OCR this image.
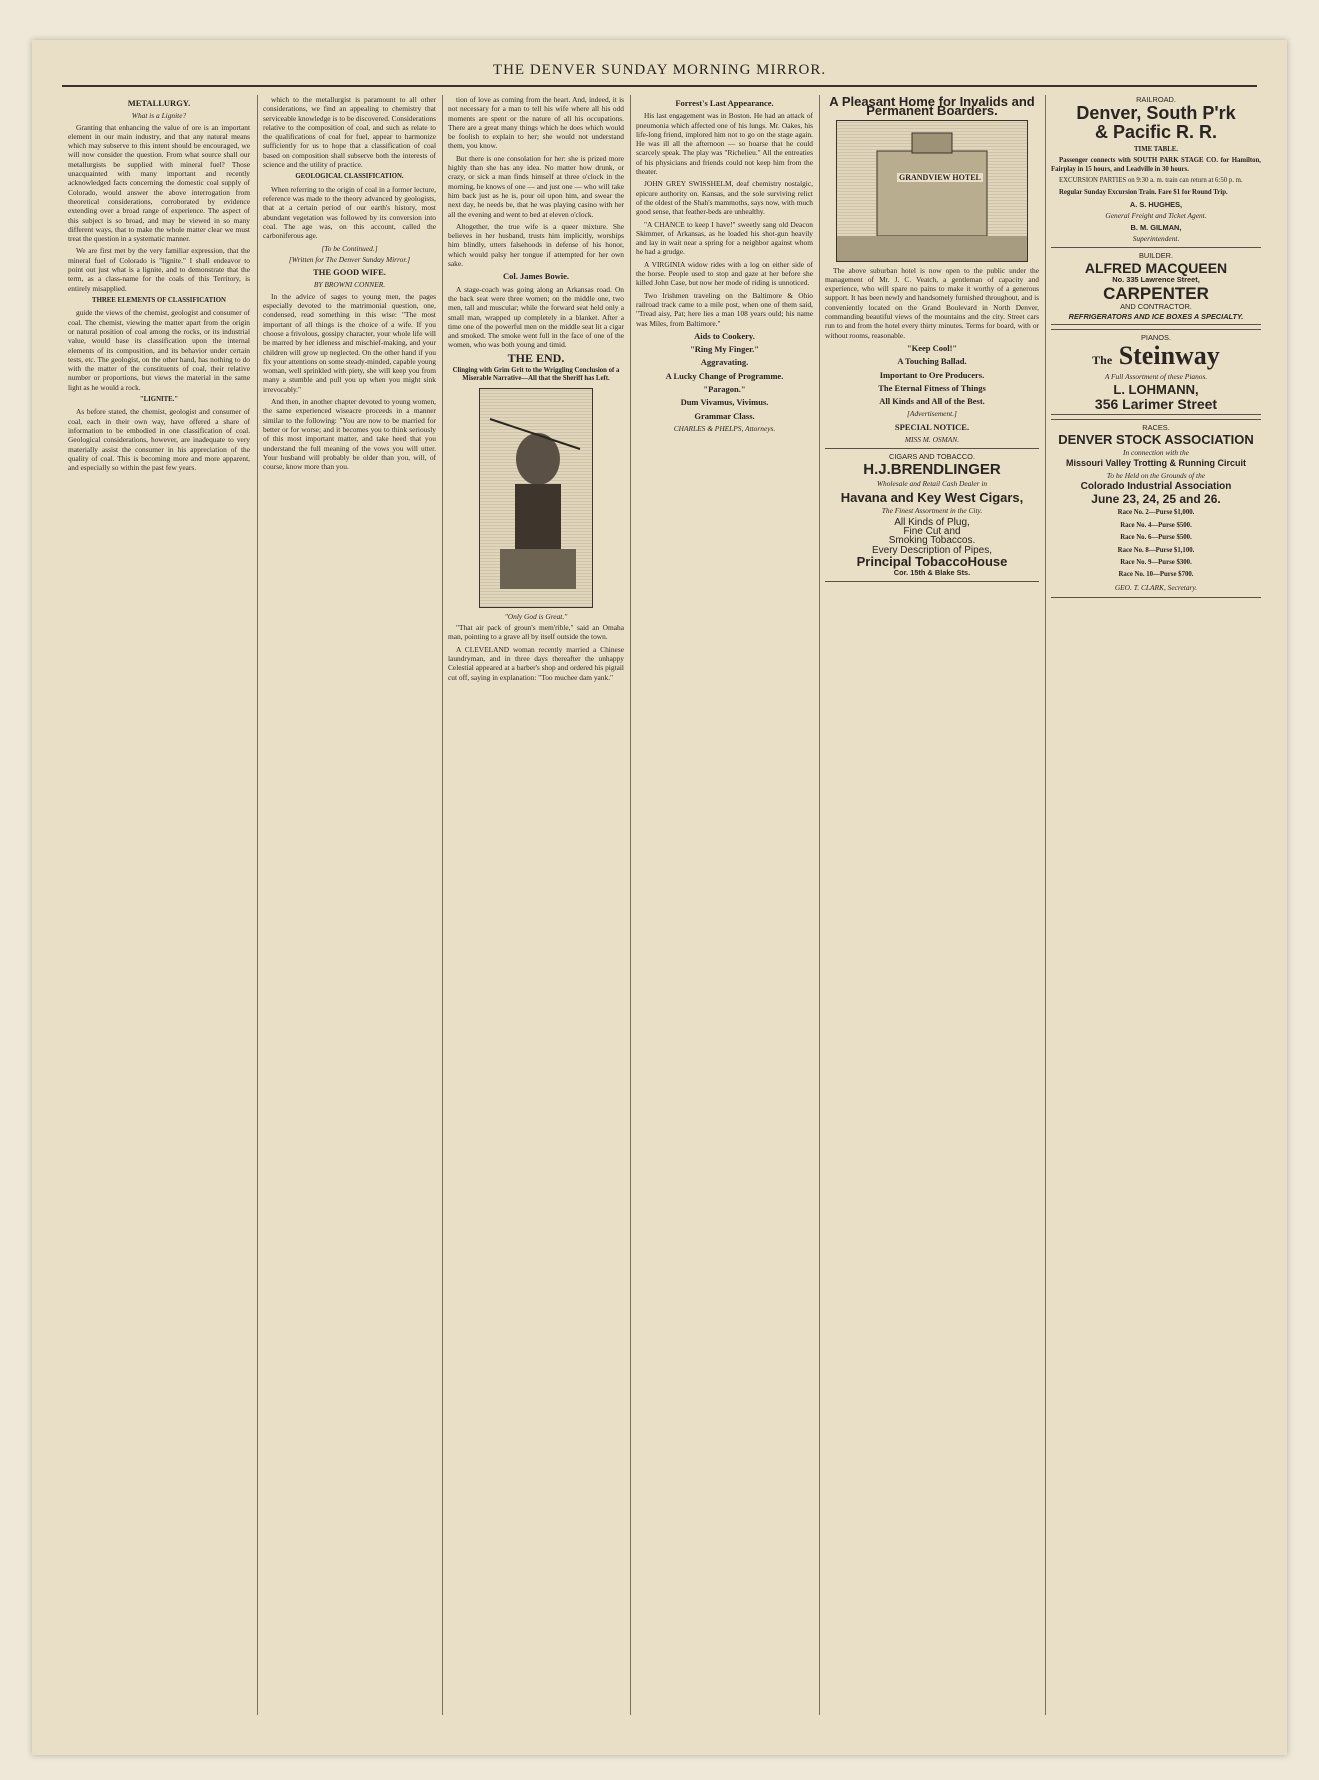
THE DENVER SUNDAY MORNING MIRROR.
METALLURGY.
What is a Lignite?

Granting that enhancing the value of ore is an important element in our main industry, and that any natural means which may subserve to this intent should be encouraged, we will now consider the question. From what source shall our metallurgists be supplied with mineral fuel? Those unacquainted with many important and recently acknowledged facts concerning the domestic coal supply of Colorado, would answer the above interrogation from theoretical considerations, corroborated by evidence extending over a broad range of experience. The aspect of this subject is so broad, and may be viewed in so many different ways, that to make the whole matter clear we must treat the question in a systematic manner.

We are first met by the very familiar expression, that the mineral fuel of Colorado is "lignite." I shall endeavor to point out just what is a lignite, and to demonstrate that the term, as a class-name for the coals of this Territory, is entirely misapplied.

THREE ELEMENTS OF CLASSIFICATION

guide the views of the chemist, geologist and consumer of coal. The chemist, viewing the matter apart from the origin or natural position of coal among the rocks, or its industrial value, would base its classification upon the internal elements of its composition, and its behavior under certain tests, etc. The geologist, on the other hand, has nothing to do with the matter of the constituents of coal, their relative number or proportions, but views the material in the same light as he would a rock.

"LIGNITE."

As before stated, the chemist, geologist and consumer of coal, each in their own way, have offered a share of information to be embodied in one classification of coal. Geological considerations, however, are inadequate to very materially assist the consumer in his appreciation of the quality of coal. This is becoming more and more apparent, and especially so within the past few years.

which to the metallurgist is paramount to all other considerations, we find an appealing to chemistry that serviceable knowledge is to be discovered. Considerations relative to the composition of coal, and such as relate to the qualifications of coal for fuel, appear to harmonize sufficiently for us to hope that a classification of coal based on composition shall subserve both the interests of science and the utility of practice.

GEOLOGICAL CLASSIFICATION.

When referring to the origin of coal in a former lecture, reference was made to the theory advanced by geologists, that at a certain period of our earth's history, most abundant vegetation was followed by its conversion into coal. The age was, on this account, called the carboniferous age.

[To be Continued.]
[Written for The Denver Sunday Mirror.]
THE GOOD WIFE.
BY BROWNI CONNER.

In the advice of sages to young men, the pages especially devoted to the matrimonial question, one, condensed, read something in this wise: "The most important of all things is the choice of a wife. If you choose a frivolous, gossipy character, your whole life will be marred by her idleness and mischief-making, and your children will grow up neglected. On the other hand if you fix your attentions on some steady-minded, capable young woman, well sprinkled with piety, she will keep you from many a stumble and pull you up when you might sink irrevocably."

And then, in another chapter devoted to young women, the same experienced wiseacre proceeds in a manner similar to the following: "You are now to be married for better or for worse; and it becomes you to think seriously of this most important matter, and take heed that you understand the full meaning of the vows you will utter. Your husband will probably be older than you, will, of course, know more than you.

tion of love as coming from the heart. And, indeed, it is not necessary for a man to tell his wife where all his odd moments are spent or the nature of all his occupations. There are a great many things which he does which would be foolish to explain to her; she would not understand them, you know.

But there is one consolation for her: she is prized more highly than she has any idea. No matter how drunk, or crazy, or sick a man finds himself at three o'clock in the morning, he knows of one — and just one — who will take him back just as he is, pour oil upon him, and swear the next day, he needs be, that he was playing casino with her all the evening and went to bed at eleven o'clock.

Altogether, the true wife is a queer mixture. She believes in her husband, trusts him implicitly, worships him blindly, utters falsehoods in defense of his honor, which would palsy her tongue if attempted for her own sake.

Col. James Bowie.

A stage-coach was going along an Arkansas road. On the back seat were three women; on the middle one, two men, tall and muscular; while the forward seat held only a small man, wrapped up completely in a blanket. After a time one of the powerful men on the middle seat lit a cigar and smoked. The smoke went full in the face of one of the women, who was both young and timid.

THE END.
Clinging with Grim Grit to the Wriggling Conclusion of a Miserable Narrative—All that the Sheriff has Left.
"Only God is Great."

"That air pack of groun's mem'rible," said an Omaha man, pointing to a grave all by itself outside the town.

A CLEVELAND woman recently married a Chinese laundryman, and in three days thereafter the unhappy Celestial appeared at a barber's shop and ordered his pigtail cut off, saying in explanation: "Too muchee dam yank."

Forrest's Last Appearance.

His last engagement was in Boston. He had an attack of pneumonia which affected one of his lungs. Mr. Oakes, his life-long friend, implored him not to go on the stage again. He was ill all the afternoon — so hoarse that he could scarcely speak. The play was "Richelieu." All the entreaties of his physicians and friends could not keep him from the theater.

JOHN GREY SWISSHELM, deaf chemistry nostalgic, epicure authority on. Kansas, and the sole surviving relict of the oldest of the Shah's mammoths, says now, with much good sense, that feather-beds are unhealthy.

"A CHANCE to keep I have!" sweetly sang old Deacon Skimmer, of Arkansas, as he loaded his shot-gun heavily and lay in wait near a spring for a neighbor against whom he had a grudge.

A VIRGINIA widow rides with a log on either side of the horse. People used to stop and gaze at her before she killed John Case, but now her mode of riding is unnoticed.

Two Irishmen traveling on the Baltimore & Ohio railroad track came to a mile post, when one of them said, "Tread aisy, Pat; here lies a man 108 years ould; his name was Miles, from Baltimore."

Aids to Cookery.
"Ring My Finger."
Aggravating.
A Lucky Change of Programme.
"Paragon."
Dum Vivamus, Vivimus.
Grammar Class.
CHARLES & PHELPS, Attorneys.
A Pleasant Home for Invalids and Permanent Boarders.
GRANDVIEW HOTEL

The above suburban hotel is now open to the public under the management of Mr. J. C. Veatch, a gentleman of capacity and experience, who will spare no pains to make it worthy of a generous support. It has been newly and handsomely furnished throughout, and is conveniently located on the Grand Boulevard in North Denver, commanding beautiful views of the mountains and the city. Street cars run to and from the hotel every thirty minutes. Terms for board, with or without rooms, reasonable.

"Keep Cool!"
A Touching Ballad.
Important to Ore Producers.
The Eternal Fitness of Things
All Kinds and All of the Best.
[Advertisement.]
SPECIAL NOTICE.
MISS M. OSMAN.
CIGARS AND TOBACCO.
H.J.BRENDLINGER
Wholesale and Retail Cash Dealer in
Havana and Key West Cigars,
The Finest Assortment in the City.
All Kinds of Plug,
Fine Cut and
Smoking Tobaccos.
Every Description of Pipes,
Principal TobaccoHouse
Cor. 15th & Blake Sts.
RAILROAD.
Denver, South P'rk
& Pacific R. R.
TIME TABLE.

Passenger connects with SOUTH PARK STAGE CO. for Hamilton, Fairplay in 15 hours, and Leadville in 30 hours.

EXCURSION PARTIES on 9:30 a. m. train can return at 6:50 p. m.

Regular Sunday Excursion Train. Fare $1 for Round Trip.

A. S. HUGHES,
General Freight and Ticket Agent.
B. M. GILMAN,
Superintendent.
BUILDER.
ALFRED MACQUEEN
No. 335 Lawrence Street,
CARPENTER
AND CONTRACTOR.
REFRIGERATORS AND ICE BOXES A SPECIALTY.
PIANOS.
The Steinway
A Full Assortment of these Pianos.
L. LOHMANN,
356 Larimer Street
RACES.
DENVER STOCK ASSOCIATION
In connection with the
Missouri Valley Trotting & Running Circuit
To be Held on the Grounds of the
Colorado Industrial Association
June 23, 24, 25 and 26.
Race No. 2—Purse $1,000.
Race No. 4—Purse $500.
Race No. 6—Purse $500.
Race No. 8—Purse $1,100.
Race No. 9—Purse $300.
Race No. 10—Purse $700.
GEO. T. CLARK, Secretary.
